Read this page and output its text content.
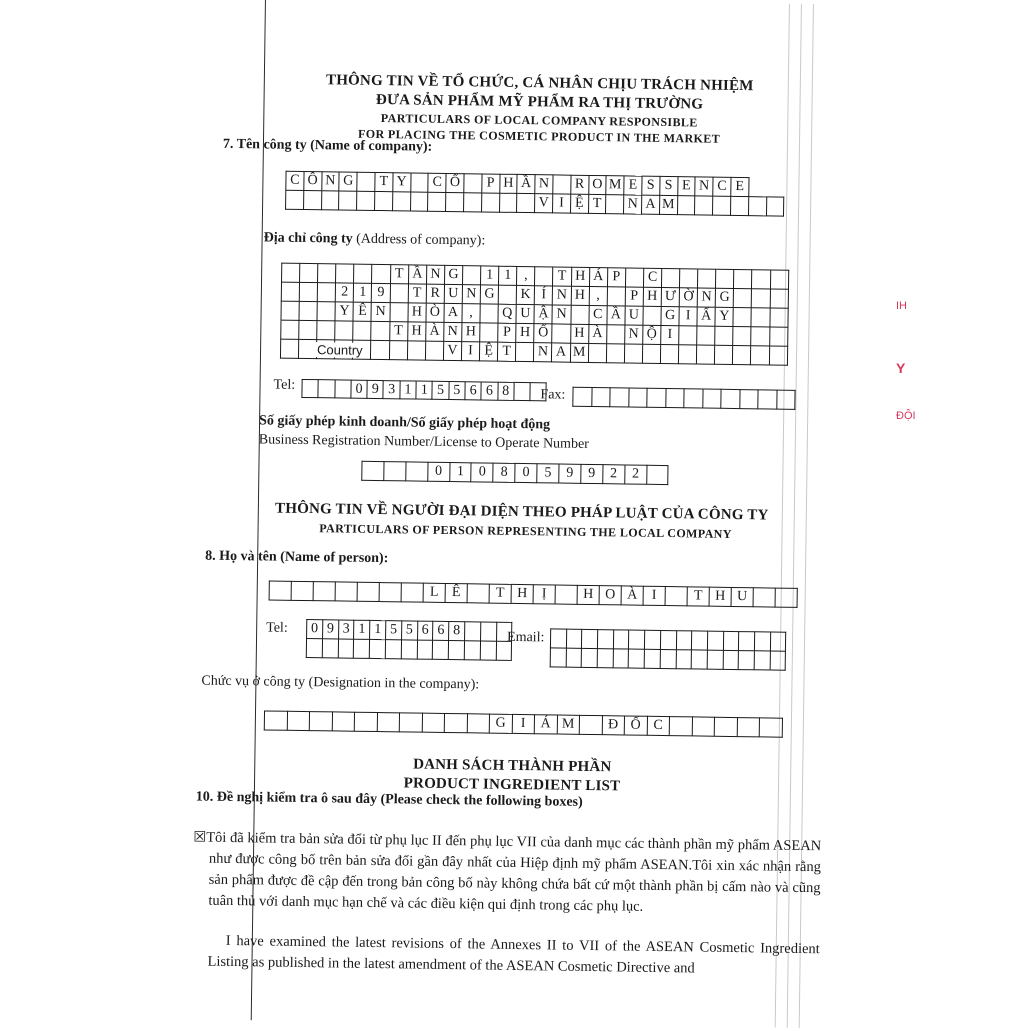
THÔNG TIN VỀ TỔ CHỨC, CÁ NHÂN CHỊU TRÁCH NHIỆM
ĐƯA SẢN PHẨM MỸ PHẨM RA THỊ TRƯỜNG
PARTICULARS OF LOCAL COMPANY RESPONSIBLE
FOR PLACING THE COSMETIC PRODUCT IN THE MARKET
7. Tên công ty (Name of company):
C	Ô	N	G		T	Y		C	Ổ		P	H	Ầ	N		R	O	M	E	S	S	E	N	C	E		
														V	I	Ệ	T		N	A	M						
Địa chỉ công ty (Address of company):
						T	Ầ	N	G		1	1	,		T	H	Á	P		C							
			2	1	9		T	R	U	N	G		K	Í	N	H	,		P	H	Ư	Ờ	N	G			
			Y	Ê	N		H	Ò	A	,		Q	U	Ậ	N		C	Ầ	U		G	I	Ấ	Y			
						T	H	À	N	H		P	H	Ố		H	À		N	Ộ	I						
									V	I	Ệ	T		N	A	M											
Country
Tel:
				0	9	3	1	1	5	5	6	6	8		Fax:

Số giấy phép kinh doanh/Số giấy phép hoạt động
Business Registration Number/License to Operate Number
			0	1	0	8	0	5	9	9	2	2	
THÔNG TIN VỀ NGƯỜI ĐẠI DIỆN THEO PHÁP LUẬT CỦA CÔNG TY
PARTICULARS OF PERSON REPRESENTING THE LOCAL COMPANY
8. Họ và tên (Name of person):
							L	Ê		T	H	Ị		H	O	À	I		T	H	U		
Tel: 0	9	3	1	1	5	5	6	6	8			
													Email:

Chức vụ ở công ty (Designation in the company):
										G	I	Á	M		Đ	Ố	C					
DANH SÁCH THÀNH PHẦN
PRODUCT INGREDIENT LIST
10. Đề nghị kiểm tra ô sau đây (Please check the following boxes)
☒Tôi đã kiểm tra bản sửa đổi từ phụ lục II đến phụ lục VII của danh mục các thành phần mỹ phẩm ASEAN như được công bố trên bản sửa đổi gần đây nhất của Hiệp định mỹ phẩm ASEAN.Tôi xin xác nhận rằng sản phẩm được đề cập đến trong bản công bố này không chứa bất cứ một thành phần bị cấm nào và cũng tuân thủ với danh mục hạn chế và các điều kiện qui định trong các phụ lục.
I have examined the latest revisions of the Annexes II to VII of the ASEAN Cosmetic Ingredient Listing as published in the latest amendment of the ASEAN Cosmetic Directive and
IH
Y
ĐỘI
